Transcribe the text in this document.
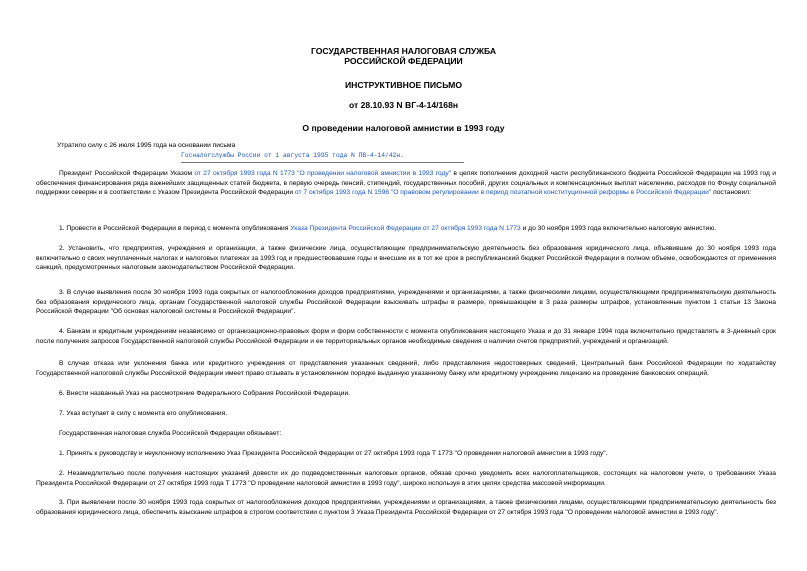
ГОСУДАРСТВЕННАЯ НАЛОГОВАЯ СЛУЖБА
РОССИЙСКОЙ ФЕДЕРАЦИИ
ИНСТРУКТИВНОЕ ПИСЬМО
от 28.10.93 N ВГ-4-14/168н
О проведении налоговой амнистии в 1993 году
Утратило силу с 26 июля 1995 года на основании письма
Госналогслужбы России от 1 августа 1995 года N ПВ-4-14/42н.

Президент Российской Федерации Указом от 27 октября 1993 года N 1773 "О проведении налоговой амнистии в 1993 году" в целях пополнения доходной части республиканского бюджета Российской Федерации на 1993 год и обеспечения финансирования ряда важнейших защищенных статей бюджета, в первую очередь пенсий, стипендий, государственных пособий, других социальных и компенсационных выплат населению, расходов по Фонду социальной поддержки северян и в соответствии с Указом Президента Российской Федерации от 7 октября 1993 года N 1598 "О правовом регулировании в период поэтапной конституционной реформы в Российской Федерации" постановил:

1. Провести в Российской Федерации в период с момента опубликования Указа Президента Российской Федерации от 27 октября 1993 года N 1773 и до 30 ноября 1993 года включительно налоговую амнистию.

2. Установить, что предприятия, учреждения и организации, а также физические лица, осуществляющие предпринимательскую деятельность без образования юридического лица, объявившие до 30 ноября 1993 года включительно о своих неуплаченных налогах и налоговых платежах за 1993 год и предшествовавшие годы и внесшие их в тот же срок в республиканский бюджет Российской Федерации в полном объеме, освобождаются от применения санкций, предусмотренных налоговым законодательством Российской Федерации.

3. В случае выявления после 30 ноября 1993 года сокрытых от налогообложения доходов предприятиями, учреждениями и организациями, а также физическими лицами, осуществляющими предпринимательскую деятельность без образования юридического лица, органам Государственной налоговой службы Российской Федерации взыскивать штрафы в размере, превышающем в 3 раза размеры штрафов, установленные пунктом 1 статьи 13 Закона Российской Федерации "Об основах налоговой системы в Российской Федерации".

4. Банкам и кредитным учреждениям независимо от организационно-правовых форм и форм собственности с момента опубликования настоящего Указа и до 31 января 1994 года включительно представлять в 3-дневный срок после получения запросов Государственной налоговой службы Российской Федерации и ее территориальных органов необходимые сведения о наличии счетов предприятий, учреждений и организаций.

В случае отказа или уклонения банка или кредитного учреждения от представления указанных сведений, либо представления недостоверных сведений, Центральный банк Российской Федерации по ходатайству Государственной налоговой службы Российской Федерации имеет право отзывать в установленном порядке выданную указанному банку или кредитному учреждению лицензию на проведение банковских операций.

6. Внести названный Указ на рассмотрение Федерального Собрания Российской Федерации.

7. Указ вступает в силу с момента его опубликования.

Государственная налоговая служба Российской Федерации обязывает:

1. Принять к руководству и неуклонному исполнению Указ Президента Российской Федерации от 27 октября 1993 года Т 1773 "О проведении налоговой амнистии в 1993 году".

2. Незамедлительно после получения настоящих указаний довести их до подведомственных налоговых органов, обязав срочно уведомить всех налогоплательщиков, состоящих на налоговом учете, о требованиях Указа Президента Российской Федерации от 27 октября 1993 года Т 1773 "О проведении налоговой амнистии в 1993 году", широко используя в этих целях средства массовой информации.

3. При выявлении после 30 ноября 1993 года сокрытых от налогообложения доходов предприятиями, учреждениями и организациями, а также физическими лицами, осуществляющими предпринимательскую деятельность без образования юридического лица, обеспечить взыскание штрафов в строгом соответствии с пунктом 3 Указа Президента Российской Федерации от 27 октября 1993 года "О проведении налоговой амнистии в 1993 году".
